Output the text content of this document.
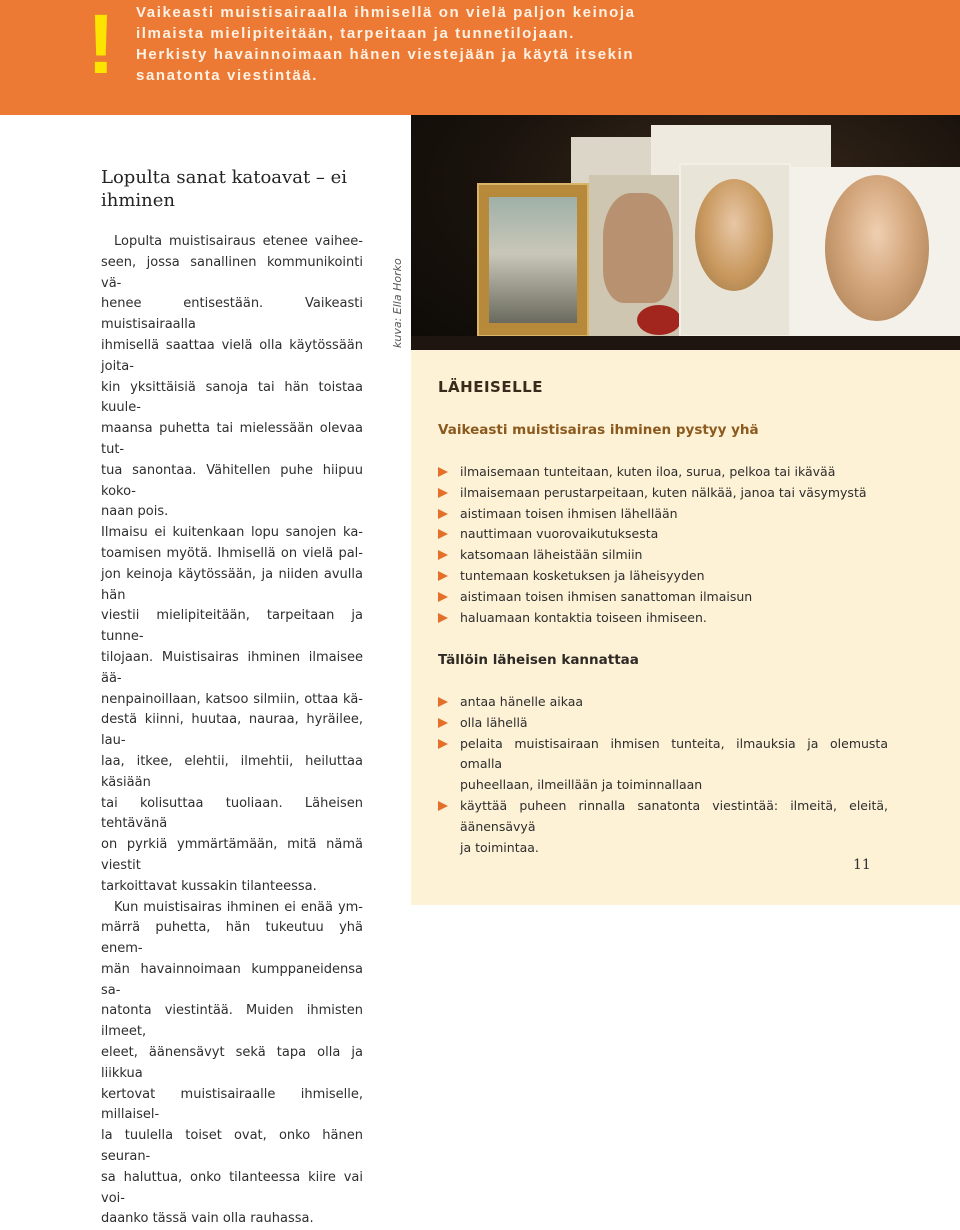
! Vaikeasti muistisairaalla ihmisellä on vielä paljon keinoja
ilmaista mielipiteitään, tarpeitaan ja tunnetilojaan.
Herkisty havainnoimaan hänen viestejään ja käytä itsekin
sanatonta viestintää.
Lopulta sanat katoavat – ei
ihminen
Lopulta muistisairaus etenee vaihee-
seen, jossa sanallinen kommunikointi vä-
henee entisestään. Vaikeasti muistisairaalla
ihmisellä saattaa vielä olla käytössään joita-
kin yksittäisiä sanoja tai hän toistaa kuule-
maansa puhetta tai mielessään olevaa tut-
tua sanontaa. Vähitellen puhe hiipuu koko-
naan pois.
Ilmaisu ei kuitenkaan lopu sanojen ka-
toamisen myötä. Ihmisellä on vielä pal-
jon keinoja käytössään, ja niiden avulla hän
viestii mielipiteitään, tarpeitaan ja tunne-
tilojaan. Muistisairas ihminen ilmaisee ää-
nenpainoillaan, katsoo silmiin, ottaa kä-
destä kiinni, huutaa, nauraa, hyräilee, lau-
laa, itkee, elehtii, ilmehtii, heiluttaa käsiään
tai kolisuttaa tuoliaan. Läheisen tehtävänä
on pyrkiä ymmärtämään, mitä nämä viestit
tarkoittavat kussakin tilanteessa.
Kun muistisairas ihminen ei enää ym-
märrä puhetta, hän tukeutuu yhä enem-
män havainnoimaan kumppaneidensa sa-
natonta viestintää. Muiden ihmisten ilmeet,
eleet, äänensävyt sekä tapa olla ja liikkua
kertovat muistisairaalle ihmiselle, millaisel-
la tuulella toiset ovat, onko hänen seuran-
sa haluttua, onko tilanteessa kiire vai voi-
daanko tässä vain olla rauhassa.
kuva: Ella Horko
LÄHEISELLE
Vaikeasti muistisairas ihminen pystyy yhä
ilmaisemaan tunteitaan, kuten iloa, surua, pelkoa tai ikävää
ilmaisemaan perustarpeitaan, kuten nälkää, janoa tai väsymystä
aistimaan toisen ihmisen lähellään
nauttimaan vuorovaikutuksesta
katsomaan läheistään silmiin
tuntemaan kosketuksen ja läheisyyden
aistimaan toisen ihmisen sanattoman ilmaisun
haluamaan kontaktia toiseen ihmiseen.
Tällöin läheisen kannattaa
antaa hänelle aikaa
olla lähellä
pelaita muistisairaan ihmisen tunteita, ilmauksia ja olemusta omalla
puheellaan, ilmeillään ja toiminnallaan
käyttää puheen rinnalla sanatonta viestintää: ilmeitä, eleitä, äänensävyä
ja toimintaa.
11
